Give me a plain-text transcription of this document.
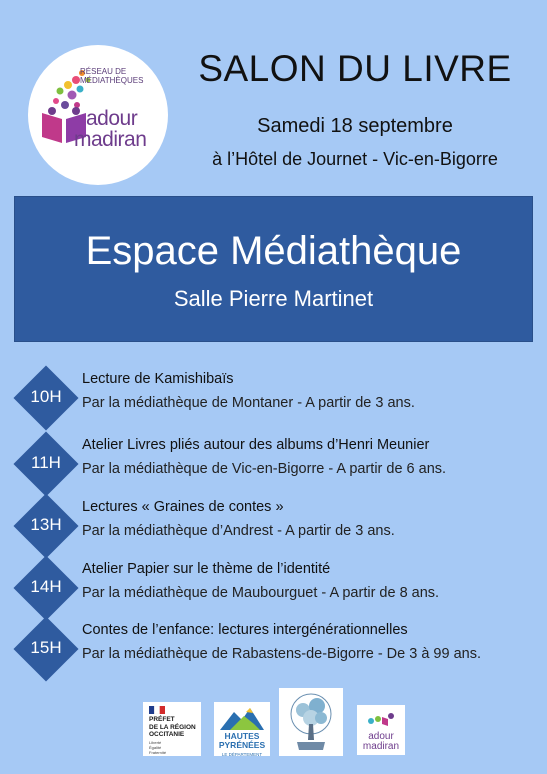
RÉSEAU DE
MÉDIATHÈQUES
adour
madiran
SALON DU LIVRE
Samedi 18 septembre
à l’Hôtel de Journet - Vic-en-Bigorre
Espace Médiathèque
Salle Pierre Martinet
10H
Lecture de Kamishibaïs
Par la médiathèque de Montaner - A partir de 3 ans.
11H
Atelier Livres pliés autour des albums d’Henri Meunier
Par la médiathèque de Vic-en-Bigorre - A partir de 6 ans.
13H
Lectures « Graines de contes »
Par la médiathèque d’Andrest - A partir de 3 ans.
14H
Atelier Papier sur le thème de l’identité
Par la médiathèque de Maubourguet - A partir de 8 ans.
15H
Contes de l’enfance: lectures intergénérationnelles
Par la médiathèque de Rabastens-de-Bigorre - De 3 à 99 ans.
PRÉFET
DE LA RÉGION
OCCITANIE
Liberté
Égalité
Fraternité
HAUTES
PYRÉNÉES
LE DÉPARTEMENT
adour
madiran
